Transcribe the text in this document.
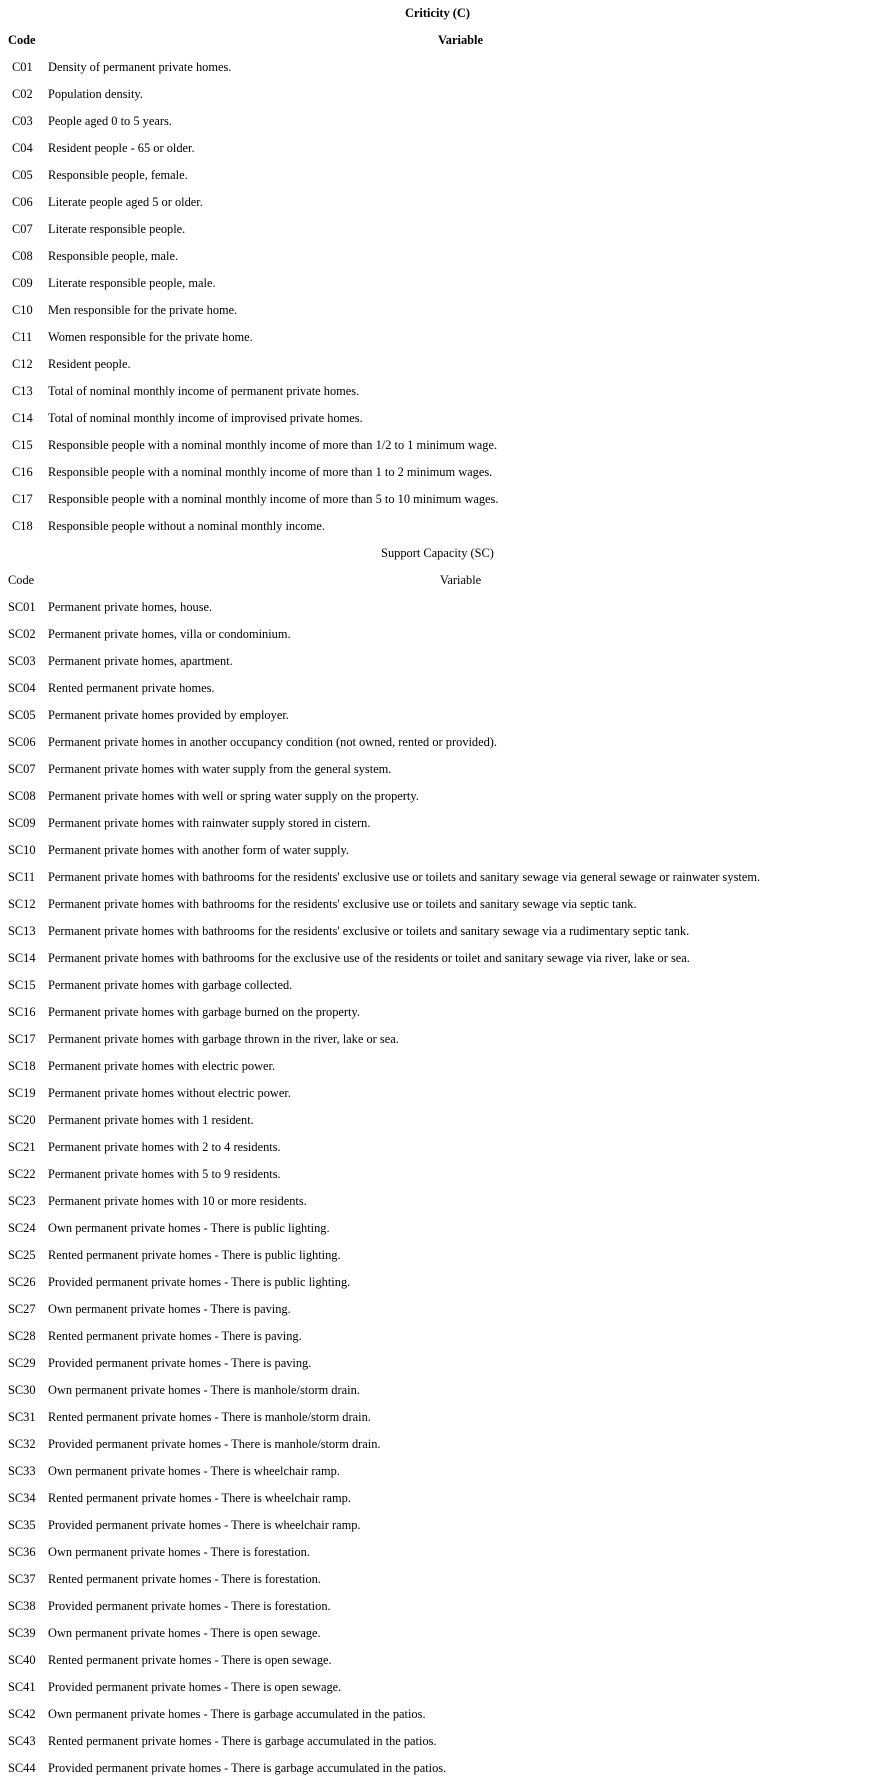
Criticity (C)	
Code	Variable
C01	Density of permanent private homes.
C02	Population density.
C03	People aged 0 to 5 years.
C04	Resident people - 65 or older.
C05	Responsible people, female.
C06	Literate people aged 5 or older.
C07	Literate responsible people.
C08	Responsible people, male.
C09	Literate responsible people, male.
C10	Men responsible for the private home.
C11	Women responsible for the private home.
C12	Resident people.
C13	Total of nominal monthly income of permanent private homes.
C14	Total of nominal monthly income of improvised private homes.
C15	Responsible people with a nominal monthly income of more than 1/2 to 1 minimum wage.
C16	Responsible people with a nominal monthly income of more than 1 to 2 minimum wages.
C17	Responsible people with a nominal monthly income of more than 5 to 10 minimum wages.
C18	Responsible people without a nominal monthly income.
Support Capacity (SC)	
Code	Variable
SC01	Permanent private homes, house.
SC02	Permanent private homes, villa or condominium.
SC03	Permanent private homes, apartment.
SC04	Rented permanent private homes.
SC05	Permanent private homes provided by employer.
SC06	Permanent private homes in another occupancy condition (not owned, rented or provided).
SC07	Permanent private homes with water supply from the general system.
SC08	Permanent private homes with well or spring water supply on the property.
SC09	Permanent private homes with rainwater supply stored in cistern.
SC10	Permanent private homes with another form of water supply.
SC11	Permanent private homes with bathrooms for the residents' exclusive use or toilets and sanitary sewage via general sewage or rainwater system.
SC12	Permanent private homes with bathrooms for the residents' exclusive use or toilets and sanitary sewage via septic tank.
SC13	Permanent private homes with bathrooms for the residents' exclusive or toilets and sanitary sewage via a rudimentary septic tank.
SC14	Permanent private homes with bathrooms for the exclusive use of the residents or toilet and sanitary sewage via river, lake or sea.
SC15	Permanent private homes with garbage collected.
SC16	Permanent private homes with garbage burned on the property.
SC17	Permanent private homes with garbage thrown in the river, lake or sea.
SC18	Permanent private homes with electric power.
SC19	Permanent private homes without electric power.
SC20	Permanent private homes with 1 resident.
SC21	Permanent private homes with 2 to 4 residents.
SC22	Permanent private homes with 5 to 9 residents.
SC23	Permanent private homes with 10 or more residents.
SC24	Own permanent private homes - There is public lighting.
SC25	Rented permanent private homes - There is public lighting.
SC26	Provided permanent private homes - There is public lighting.
SC27	Own permanent private homes - There is paving.
SC28	Rented permanent private homes - There is paving.
SC29	Provided permanent private homes - There is paving.
SC30	Own permanent private homes - There is manhole/storm drain.
SC31	Rented permanent private homes - There is manhole/storm drain.
SC32	Provided permanent private homes - There is manhole/storm drain.
SC33	Own permanent private homes - There is wheelchair ramp.
SC34	Rented permanent private homes - There is wheelchair ramp.
SC35	Provided permanent private homes - There is wheelchair ramp.
SC36	Own permanent private homes - There is forestation.
SC37	Rented permanent private homes - There is forestation.
SC38	Provided permanent private homes - There is forestation.
SC39	Own permanent private homes - There is open sewage.
SC40	Rented permanent private homes - There is open sewage.
SC41	Provided permanent private homes - There is open sewage.
SC42	Own permanent private homes - There is garbage accumulated in the patios.
SC43	Rented permanent private homes - There is garbage accumulated in the patios.
SC44	Provided permanent private homes - There is garbage accumulated in the patios.
